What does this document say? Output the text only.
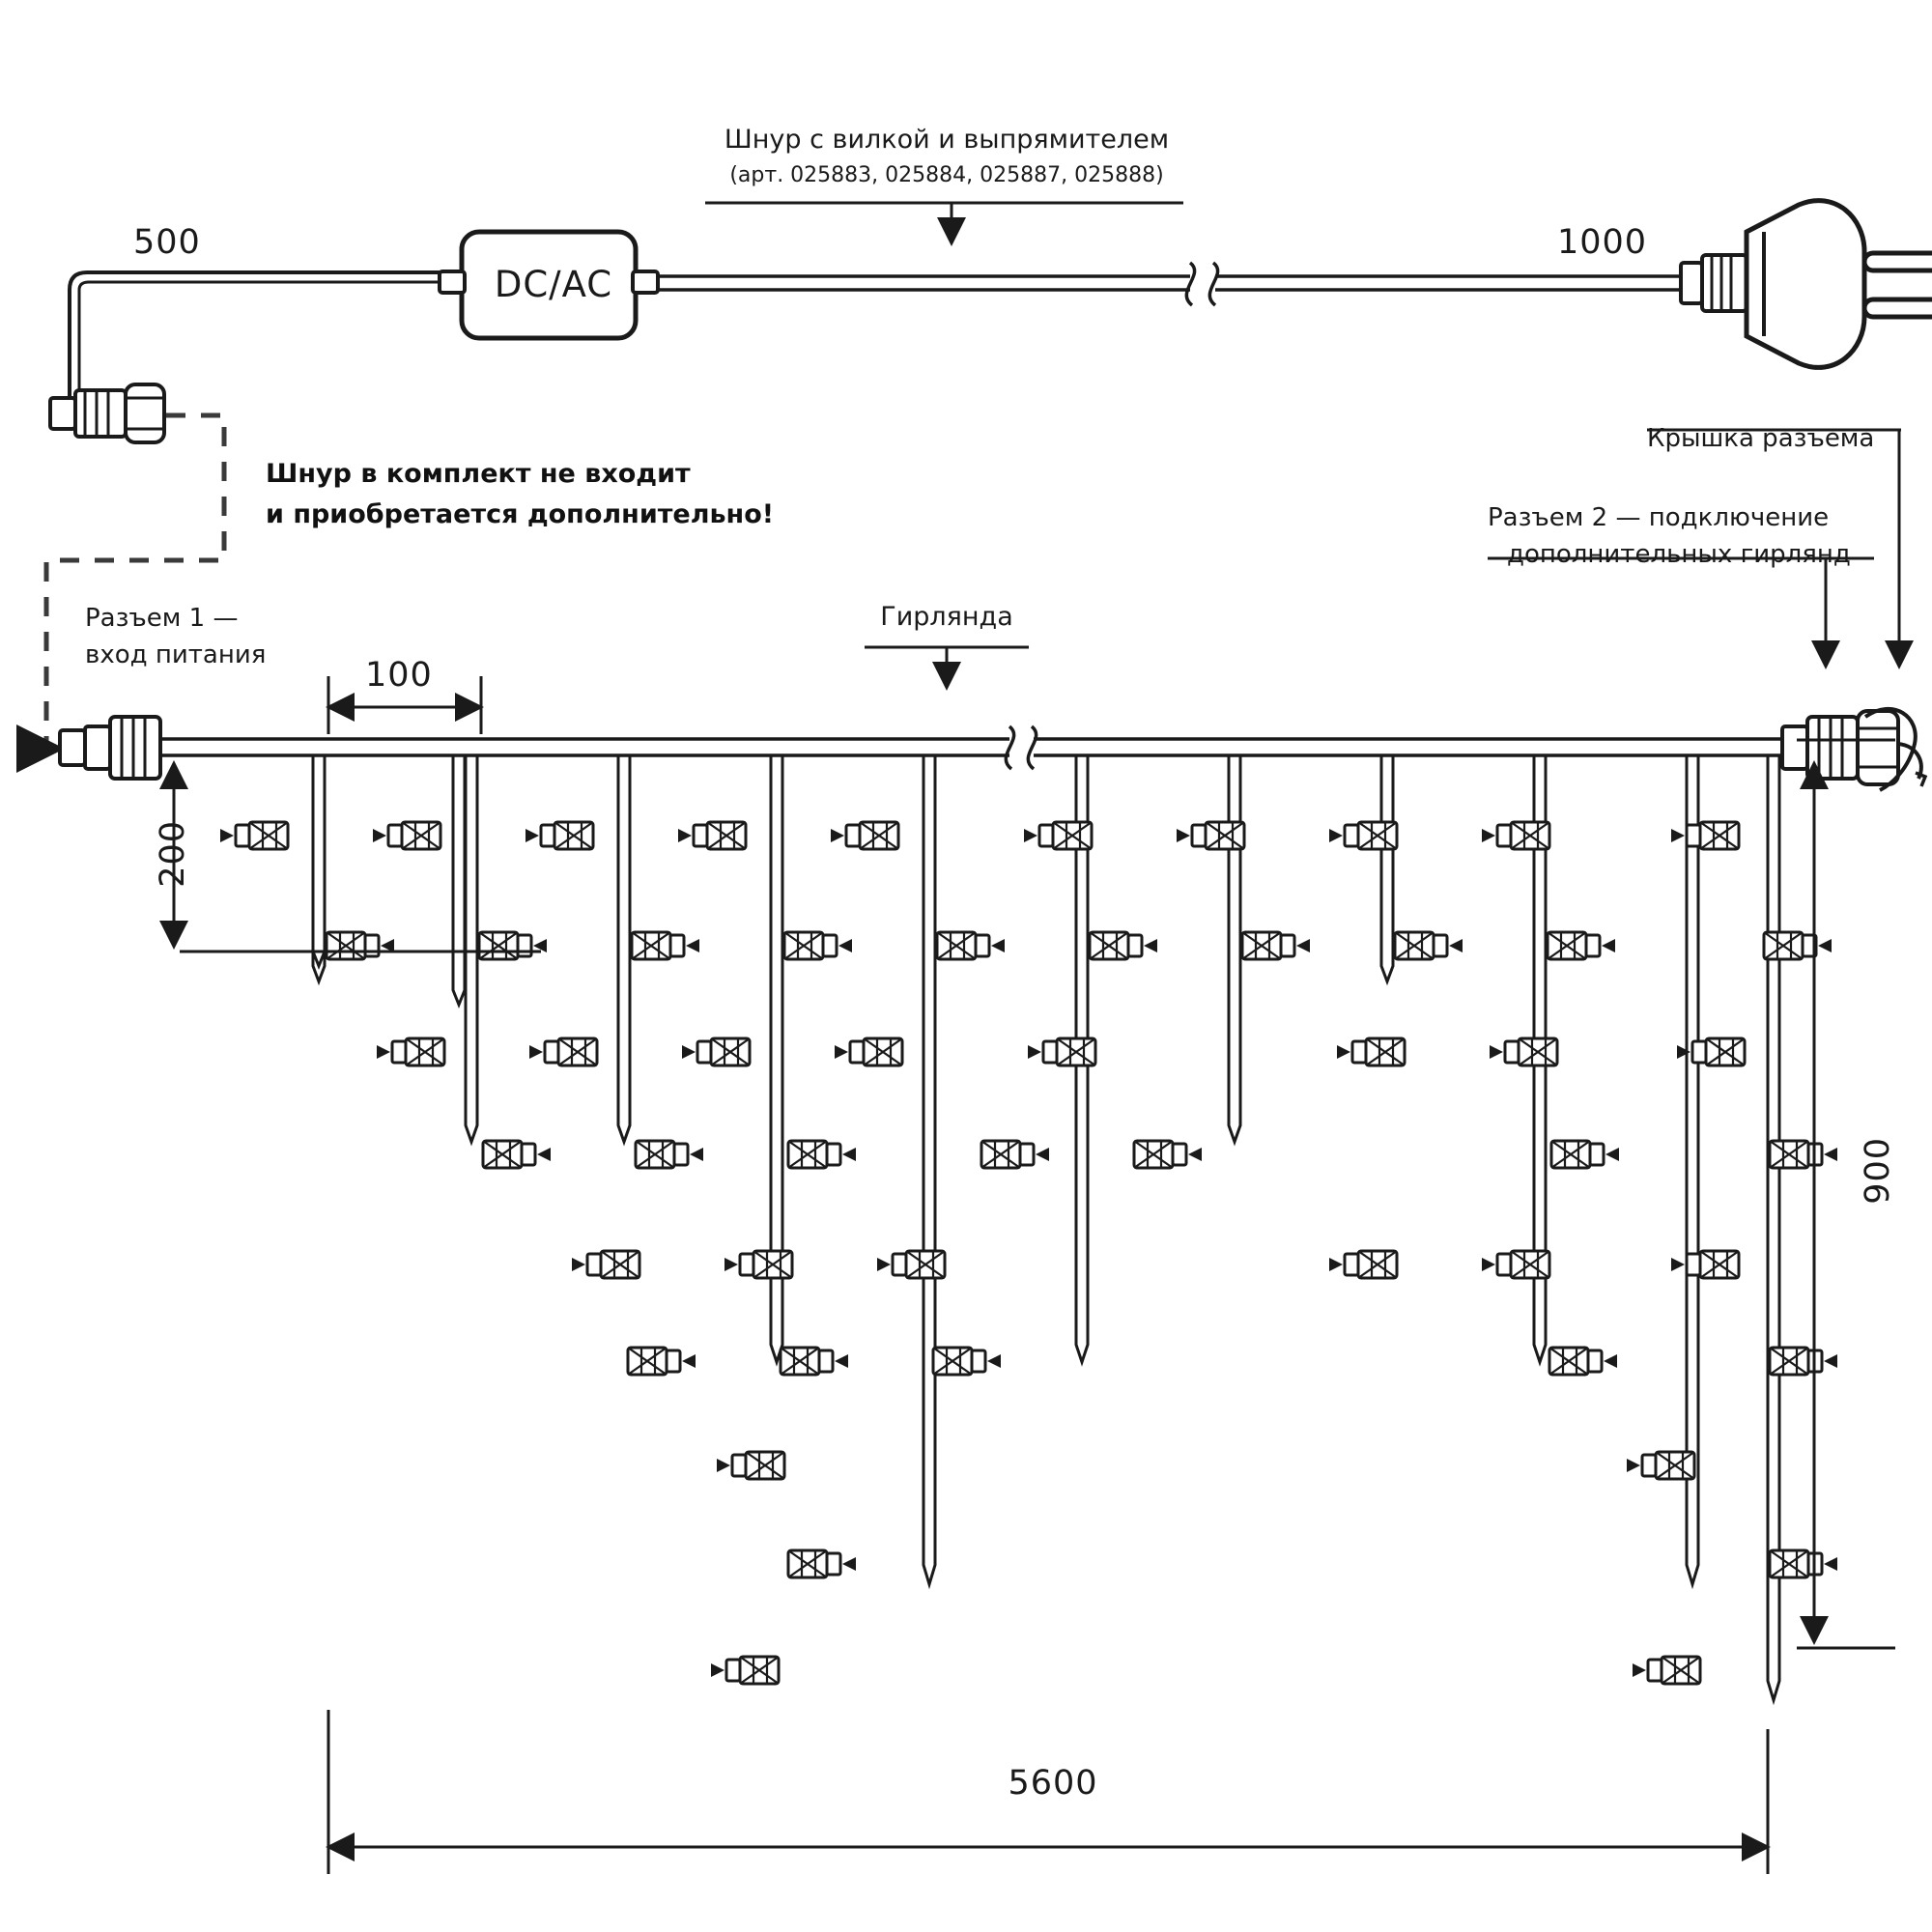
Шнур с вилкой и выпрямителем
(арт. 025883, 025884, 025887, 025888)
DC/AC
500	1000
Шнур в комплект не входит
и приобретается дополнительно!
Разъем 1 —
вход питания
100
200
Гирлянда
Крышка разъема
Разъем 2 — подключение
дополнительных гирлянд
900
5600
